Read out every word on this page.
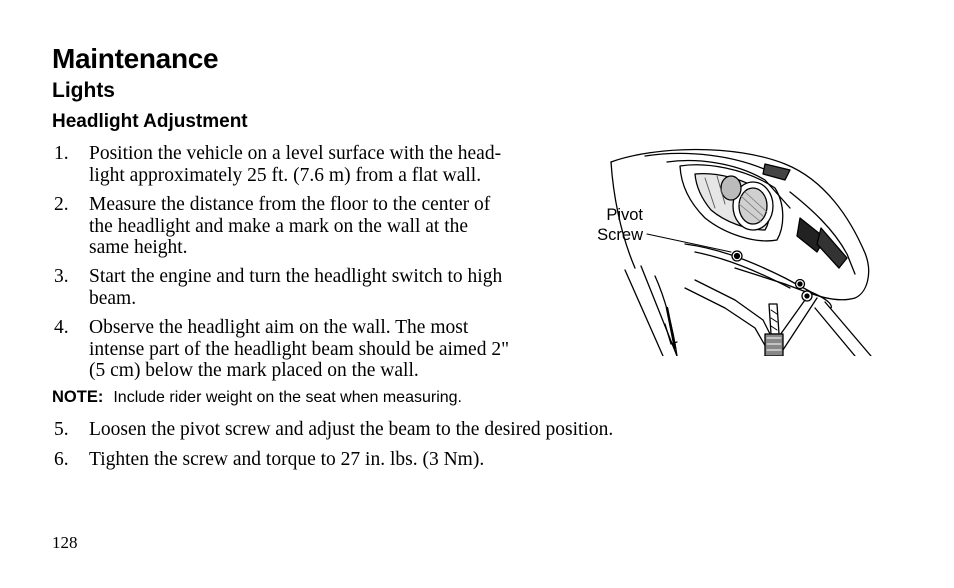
Maintenance
Lights
Headlight Adjustment
1. Position the vehicle on a level surface with the head-
light approximately 25 ft. (7.6 m) from a flat wall.
2. Measure the distance from the floor to the center of
the headlight and make a mark on the wall at the
same height.
3. Start the engine and turn the headlight switch to high
beam.
4. Observe the headlight aim on the wall. The most
intense part of the headlight beam should be aimed 2"
(5 cm) below the mark placed on the wall.
NOTE: Include rider weight on the seat when measuring.
5. Loosen the pivot screw and adjust the beam to the desired position.
6. Tighten the screw and torque to 27 in. lbs. (3 Nm).
Pivot
Screw
128
